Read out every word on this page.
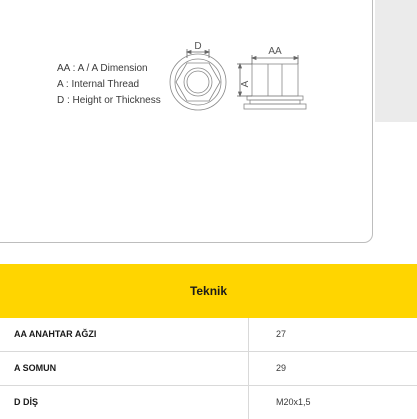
AA : A / A Dimension
A : Internal Thread
D : Height or Thickness
D	AA
A
Teknik
AA ANAHTAR AĞZI	27
A SOMUN	29
D DİŞ	M20x1,5
